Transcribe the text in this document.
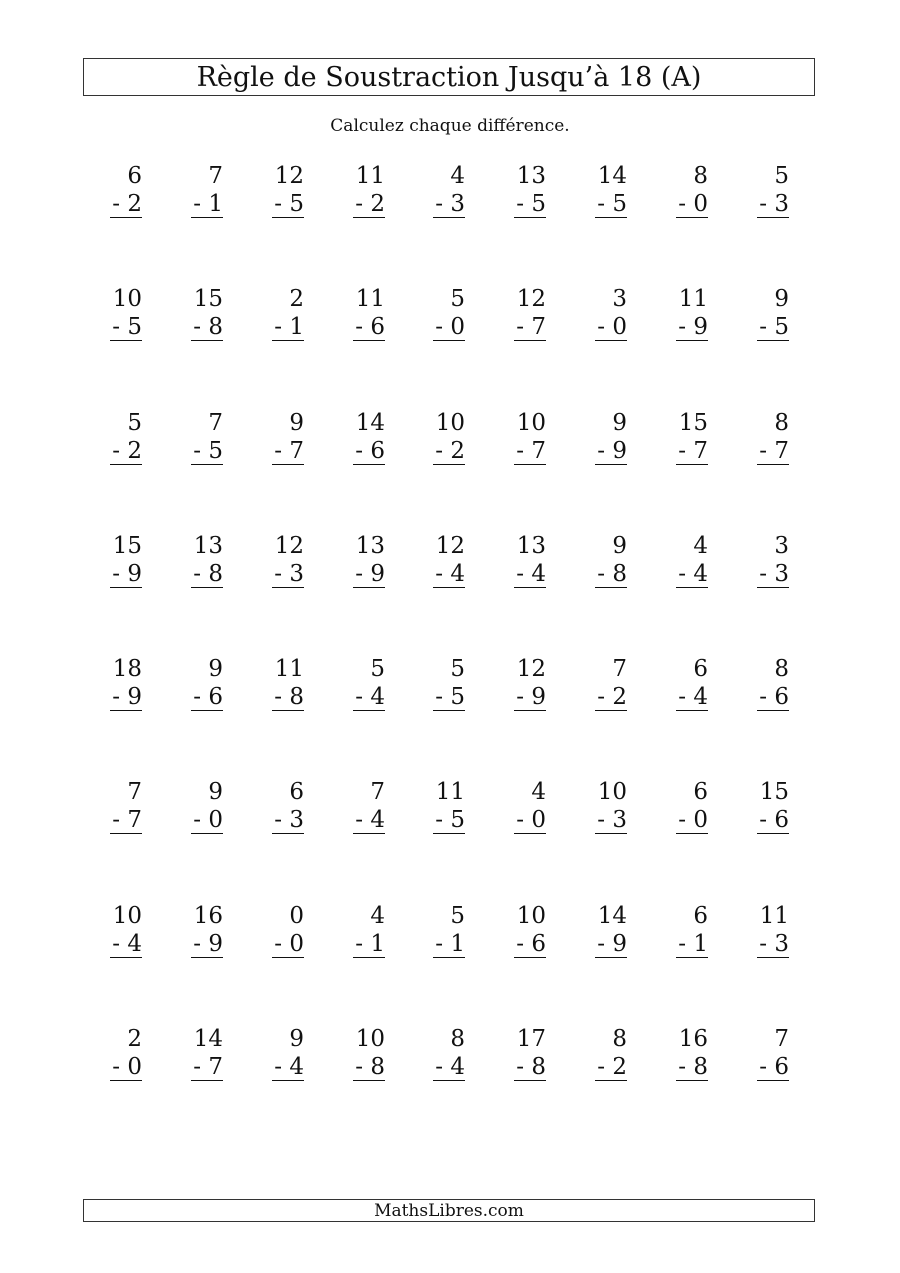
Règle de Soustraction Jusqu’à 18 (A)
Calculez chaque différence.
6
- 2
7
- 1
12
- 5
11
- 2
4
- 3
13
- 5
14
- 5
8
- 0
5
- 3
10
- 5
15
- 8
2
- 1
11
- 6
5
- 0
12
- 7
3
- 0
11
- 9
9
- 5
5
- 2
7
- 5
9
- 7
14
- 6
10
- 2
10
- 7
9
- 9
15
- 7
8
- 7
15
- 9
13
- 8
12
- 3
13
- 9
12
- 4
13
- 4
9
- 8
4
- 4
3
- 3
18
- 9
9
- 6
11
- 8
5
- 4
5
- 5
12
- 9
7
- 2
6
- 4
8
- 6
7
- 7
9
- 0
6
- 3
7
- 4
11
- 5
4
- 0
10
- 3
6
- 0
15
- 6
10
- 4
16
- 9
0
- 0
4
- 1
5
- 1
10
- 6
14
- 9
6
- 1
11
- 3
2
- 0
14
- 7
9
- 4
10
- 8
8
- 4
17
- 8
8
- 2
16
- 8
7
- 6
MathsLibres.com
